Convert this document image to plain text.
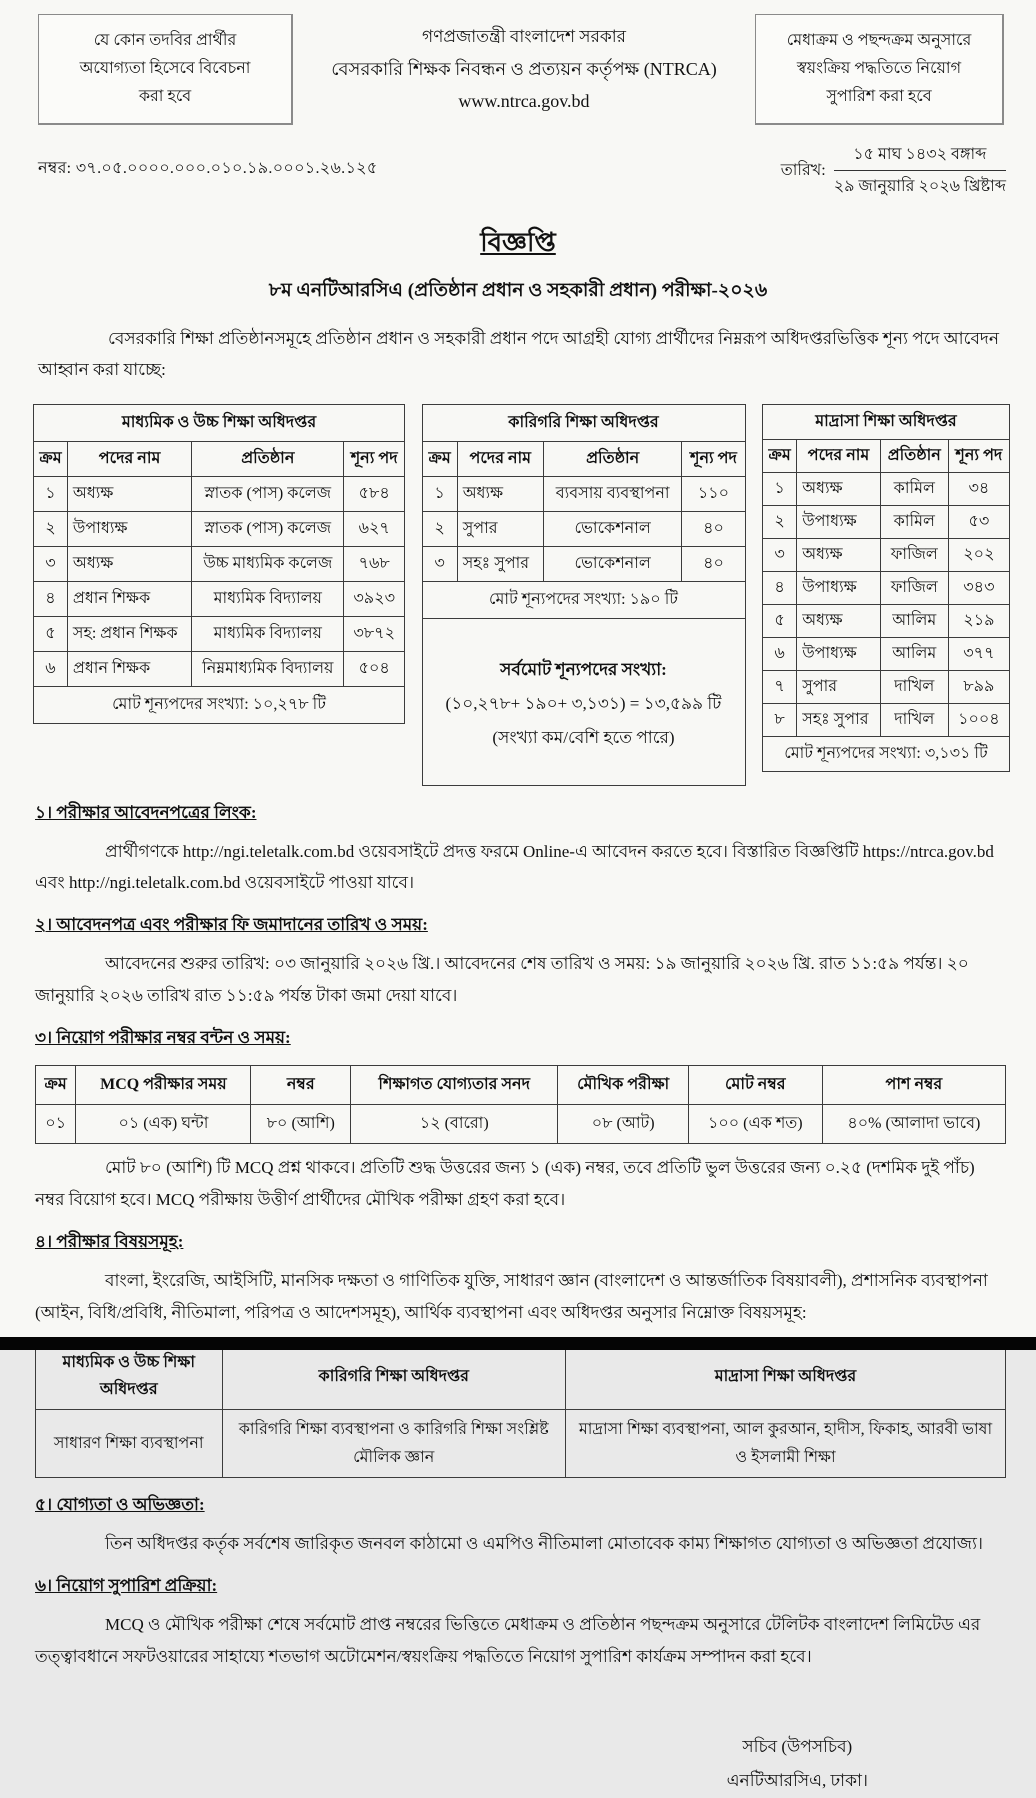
যে কোন তদবির প্রার্থীর
অযোগ্যতা হিসেবে বিবেচনা
করা হবে
গণপ্রজাতন্ত্রী বাংলাদেশ সরকার
বেসরকারি শিক্ষক নিবন্ধন ও প্রত্যয়ন কর্তৃপক্ষ (NTRCA)
www.ntrca.gov.bd
মেধাক্রম ও পছন্দক্রম অনুসারে
স্বয়ংক্রিয় পদ্ধতিতে নিয়োগ
সুপারিশ করা হবে
নম্বর: ৩৭.০৫.০০০০.০০০.০১০.১৯.০০০১.২৬.১২৫	তারিখ:
১৫ মাঘ ১৪৩২ বঙ্গাব্দ
২৯ জানুয়ারি ২০২৬ খ্রিষ্টাব্দ
বিজ্ঞপ্তি
৮ম এনটিআরসিএ (প্রতিষ্ঠান প্রধান ও সহকারী প্রধান) পরীক্ষা-২০২৬
বেসরকারি শিক্ষা প্রতিষ্ঠানসমূহে প্রতিষ্ঠান প্রধান ও সহকারী প্রধান পদে আগ্রহী যোগ্য প্রার্থীদের নিম্নরূপ অধিদপ্তরভিত্তিক শূন্য পদে আবেদন আহ্বান করা যাচ্ছে:
মাধ্যমিক ও উচ্চ শিক্ষা অধিদপ্তর			
ক্রম	পদের নাম	প্রতিষ্ঠান	শূন্য পদ
১	অধ্যক্ষ	স্নাতক (পাস) কলেজ	৫৮৪
২	উপাধ্যক্ষ	স্নাতক (পাস) কলেজ	৬২৭
৩	অধ্যক্ষ	উচ্চ মাধ্যমিক কলেজ	৭৬৮
৪	প্রধান শিক্ষক	মাধ্যমিক বিদ্যালয়	৩৯২৩
৫	সহ: প্রধান শিক্ষক	মাধ্যমিক বিদ্যালয়	৩৮৭২
৬	প্রধান শিক্ষক	নিম্নমাধ্যমিক বিদ্যালয়	৫০৪
মোট শূন্যপদের সংখ্যা: ১০,২৭৮ টি			
কারিগরি শিক্ষা অধিদপ্তর			
ক্রম	পদের নাম	প্রতিষ্ঠান	শূন্য পদ
১	অধ্যক্ষ	ব্যবসায় ব্যবস্থাপনা	১১০
২	সুপার	ভোকেশনাল	৪০
৩	সহঃ সুপার	ভোকেশনাল	৪০
মোট শূন্যপদের সংখ্যা: ১৯০ টি			
সর্বমোট শূন্যপদের সংখ্যা:
(১০,২৭৮+ ১৯০+ ৩,১৩১) = ১৩,৫৯৯ টি
(সংখ্যা কম/বেশি হতে পারে)
মাদ্রাসা শিক্ষা অধিদপ্তর			
ক্রম	পদের নাম	প্রতিষ্ঠান	শূন্য পদ
১	অধ্যক্ষ	কামিল	৩৪
২	উপাধ্যক্ষ	কামিল	৫৩
৩	অধ্যক্ষ	ফাজিল	২০২
৪	উপাধ্যক্ষ	ফাজিল	৩৪৩
৫	অধ্যক্ষ	আলিম	২১৯
৬	উপাধ্যক্ষ	আলিম	৩৭৭
৭	সুপার	দাখিল	৮৯৯
৮	সহঃ সুপার	দাখিল	১০০৪
মোট শূন্যপদের সংখ্যা: ৩,১৩১ টি			
১। পরীক্ষার আবেদনপত্রের লিংক:
প্রার্থীগণকে http://ngi.teletalk.com.bd ওয়েবসাইটে প্রদত্ত ফরমে Online-এ আবেদন করতে হবে। বিস্তারিত বিজ্ঞপ্তিটি https://ntrca.gov.bd এবং http://ngi.teletalk.com.bd ওয়েবসাইটে পাওয়া যাবে।
২। আবেদনপত্র এবং পরীক্ষার ফি জমাদানের তারিখ ও সময়:
আবেদনের শুরুর তারিখ: ০৩ জানুয়ারি ২০২৬ খ্রি.। আবেদনের শেষ তারিখ ও সময়: ১৯ জানুয়ারি ২০২৬ খ্রি. রাত ১১:৫৯ পর্যন্ত। ২০ জানুয়ারি ২০২৬ তারিখ রাত ১১:৫৯ পর্যন্ত টাকা জমা দেয়া যাবে।
৩। নিয়োগ পরীক্ষার নম্বর বন্টন ও সময়:
ক্রম	MCQ পরীক্ষার সময়	নম্বর	শিক্ষাগত যোগ্যতার সনদ	মৌখিক পরীক্ষা	মোট নম্বর	পাশ নম্বর
০১	০১ (এক) ঘন্টা	৮০ (আশি)	১২ (বারো)	০৮ (আট)	১০০ (এক শত)	৪০% (আলাদা ভাবে)
মোট ৮০ (আশি) টি MCQ প্রশ্ন থাকবে। প্রতিটি শুদ্ধ উত্তরের জন্য ১ (এক) নম্বর, তবে প্রতিটি ভুল উত্তরের জন্য ০.২৫ (দশমিক দুই পাঁচ) নম্বর বিয়োগ হবে। MCQ পরীক্ষায় উত্তীর্ণ প্রার্থীদের মৌখিক পরীক্ষা গ্রহণ করা হবে।
৪। পরীক্ষার বিষয়সমূহ:
বাংলা, ইংরেজি, আইসিটি, মানসিক দক্ষতা ও গাণিতিক যুক্তি, সাধারণ জ্ঞান (বাংলাদেশ ও আন্তর্জাতিক বিষয়াবলী), প্রশাসনিক ব্যবস্থাপনা (আইন, বিধি/প্রবিধি, নীতিমালা, পরিপত্র ও আদেশসমূহ), আর্থিক ব্যবস্থাপনা এবং অধিদপ্তর অনুসার নিম্নোক্ত বিষয়সমূহ:
মাধ্যমিক ও উচ্চ শিক্ষা অধিদপ্তর	কারিগরি শিক্ষা অধিদপ্তর	মাদ্রাসা শিক্ষা অধিদপ্তর
সাধারণ শিক্ষা ব্যবস্থাপনা	কারিগরি শিক্ষা ব্যবস্থাপনা ও কারিগরি শিক্ষা সংশ্লিষ্ট মৌলিক জ্ঞান	মাদ্রাসা শিক্ষা ব্যবস্থাপনা, আল কুরআন, হাদীস, ফিকাহ, আরবী ভাষা ও ইসলামী শিক্ষা
৫। যোগ্যতা ও অভিজ্ঞতা:
তিন অধিদপ্তর কর্তৃক সর্বশেষ জারিকৃত জনবল কাঠামো ও এমপিও নীতিমালা মোতাবেক কাম্য শিক্ষাগত যোগ্যতা ও অভিজ্ঞতা প্রযোজ্য।
৬। নিয়োগ সুপারিশ প্রক্রিয়া:
MCQ ও মৌখিক পরীক্ষা শেষে সর্বমোট প্রাপ্ত নম্বরের ভিত্তিতে মেধাক্রম ও প্রতিষ্ঠান পছন্দক্রম অনুসারে টেলিটক বাংলাদেশ লিমিটেড এর তত্ত্বাবধানে সফটওয়ারের সাহায্যে শতভাগ অটোমেশন/স্বয়ংক্রিয় পদ্ধতিতে নিয়োগ সুপারিশ কার্যক্রম সম্পাদন করা হবে।
সচিব (উপসচিব)
এনটিআরসিএ, ঢাকা।
